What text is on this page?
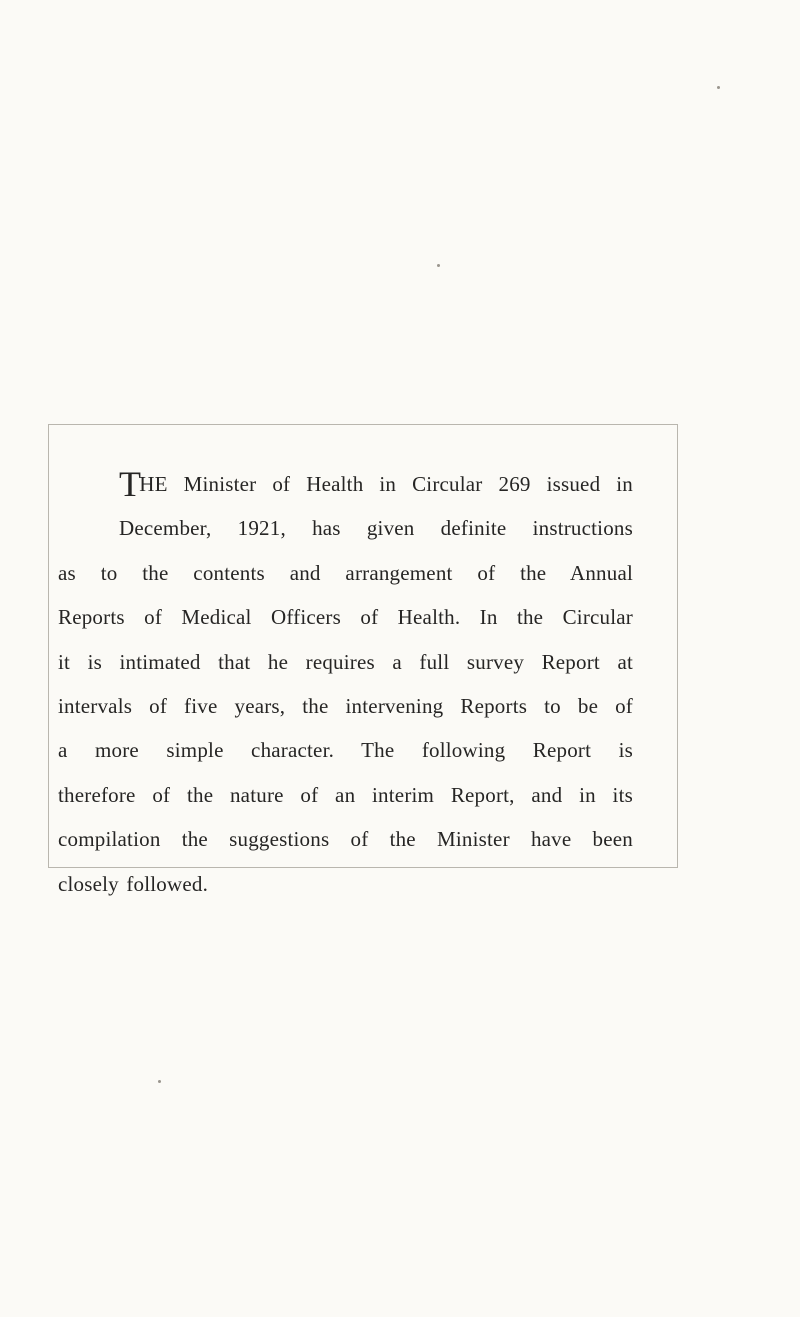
THE Minister of Health in Circular 269 issued in
December, 1921, has given definite instructions
as to the contents and arrangement of the Annual
Reports of Medical Officers of Health. In the Circular
it is intimated that he requires a full survey Report at
intervals of five years, the intervening Reports to be of
a more simple character. The following Report is
therefore of the nature of an interim Report, and in its
compilation the suggestions of the Minister have been
closely followed.
